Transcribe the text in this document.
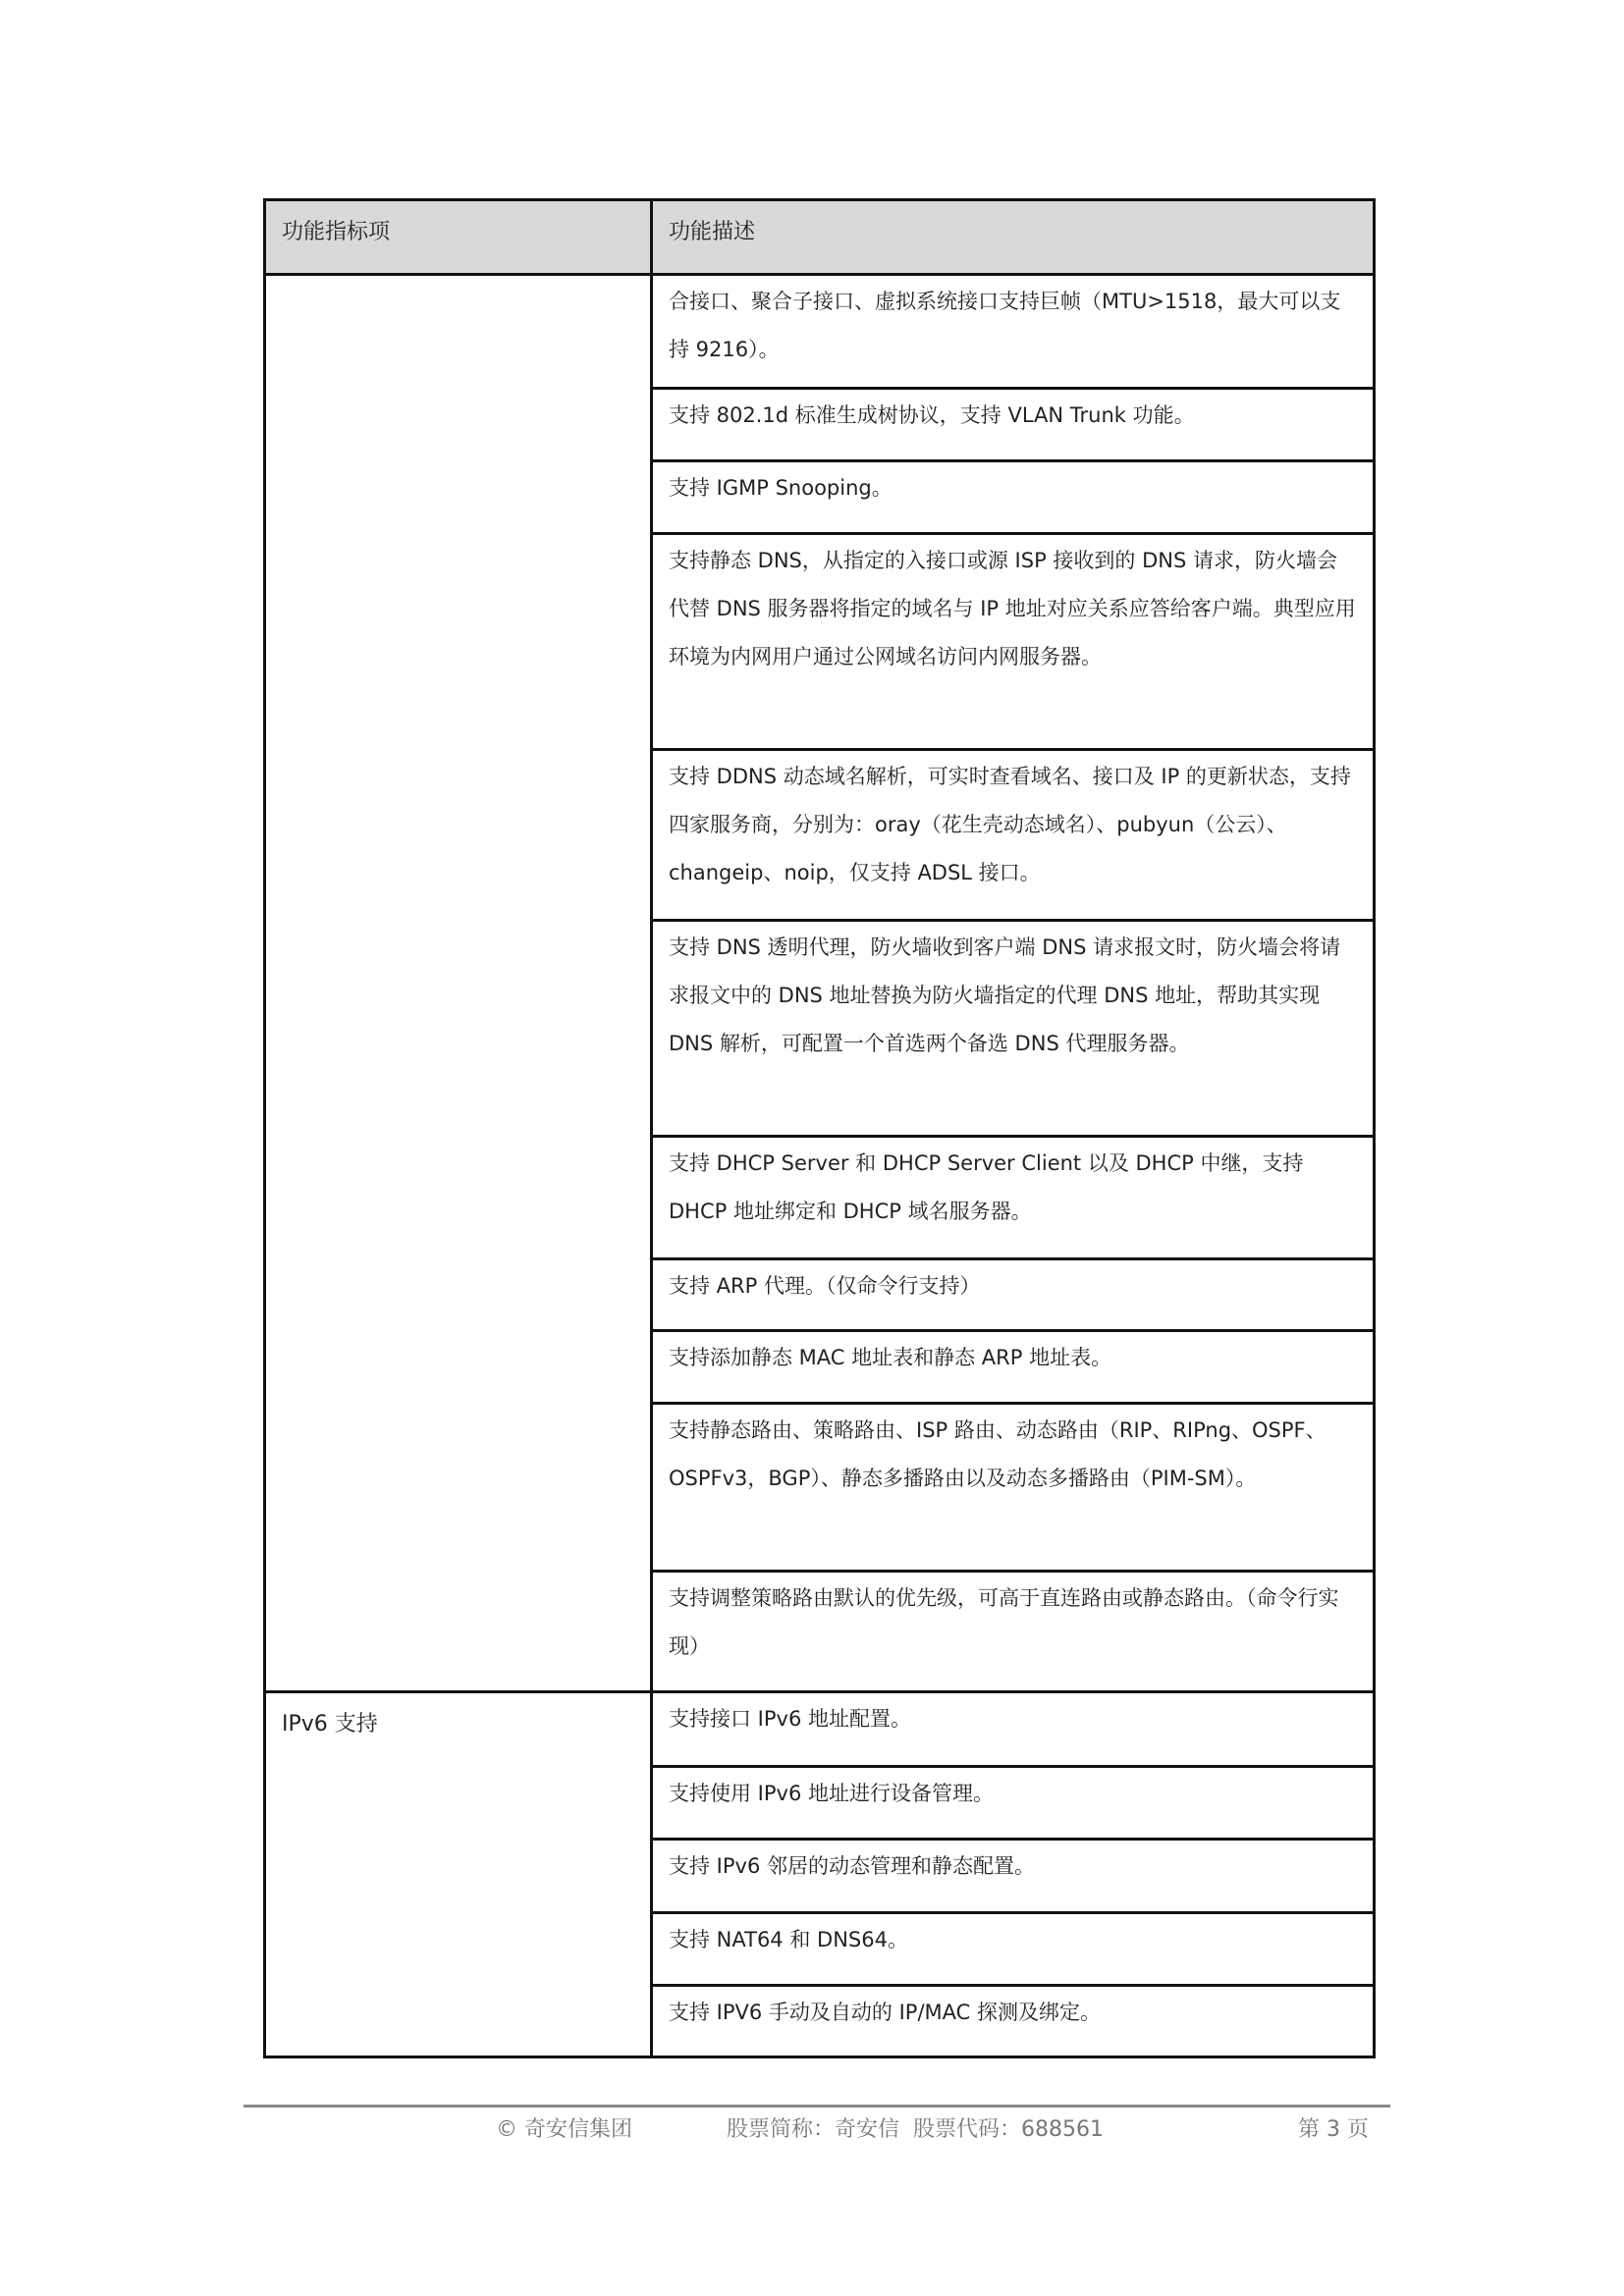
功能指标项	功能描述
合接口、聚合子接口、虚拟系统接口支持巨帧（MTU>1518，最大可以支持 9216）。
支持 802.1d 标准生成树协议，支持 VLAN Trunk 功能。
支持 IGMP Snooping。
支持静态 DNS，从指定的入接口或源 ISP 接收到的 DNS 请求，防火墙会代替 DNS 服务器将指定的域名与 IP 地址对应关系应答给客户端。典型应用环境为内网用户通过公网域名访问内网服务器。
支持 DDNS 动态域名解析，可实时查看域名、接口及 IP 的更新状态，支持四家服务商，分别为：oray（花生壳动态域名）、pubyun（公云）、changeip、noip，仅支持 ADSL 接口。
支持 DNS 透明代理，防火墙收到客户端 DNS 请求报文时，防火墙会将请求报文中的 DNS 地址替换为防火墙指定的代理 DNS 地址，帮助其实现 DNS 解析，可配置一个首选两个备选 DNS 代理服务器。
支持 DHCP Server 和 DHCP Server Client 以及 DHCP 中继，支持 DHCP 地址绑定和 DHCP 域名服务器。
支持 ARP 代理。（仅命令行支持）
支持添加静态 MAC 地址表和静态 ARP 地址表。
支持静态路由、策略路由、ISP 路由、动态路由（RIP、RIPng、OSPF、OSPFv3，BGP）、静态多播路由以及动态多播路由（PIM-SM）。
支持调整策略路由默认的优先级，可高于直连路由或静态路由。（命令行实现）
IPv6 支持	支持接口 IPv6 地址配置。
支持使用 IPv6 地址进行设备管理。
支持 IPv6 邻居的动态管理和静态配置。
支持 NAT64 和 DNS64。
支持 IPV6 手动及自动的 IP/MAC 探测及绑定。
© 奇安信集团	股票简称：奇安信  股票代码：688561	第 3 页
